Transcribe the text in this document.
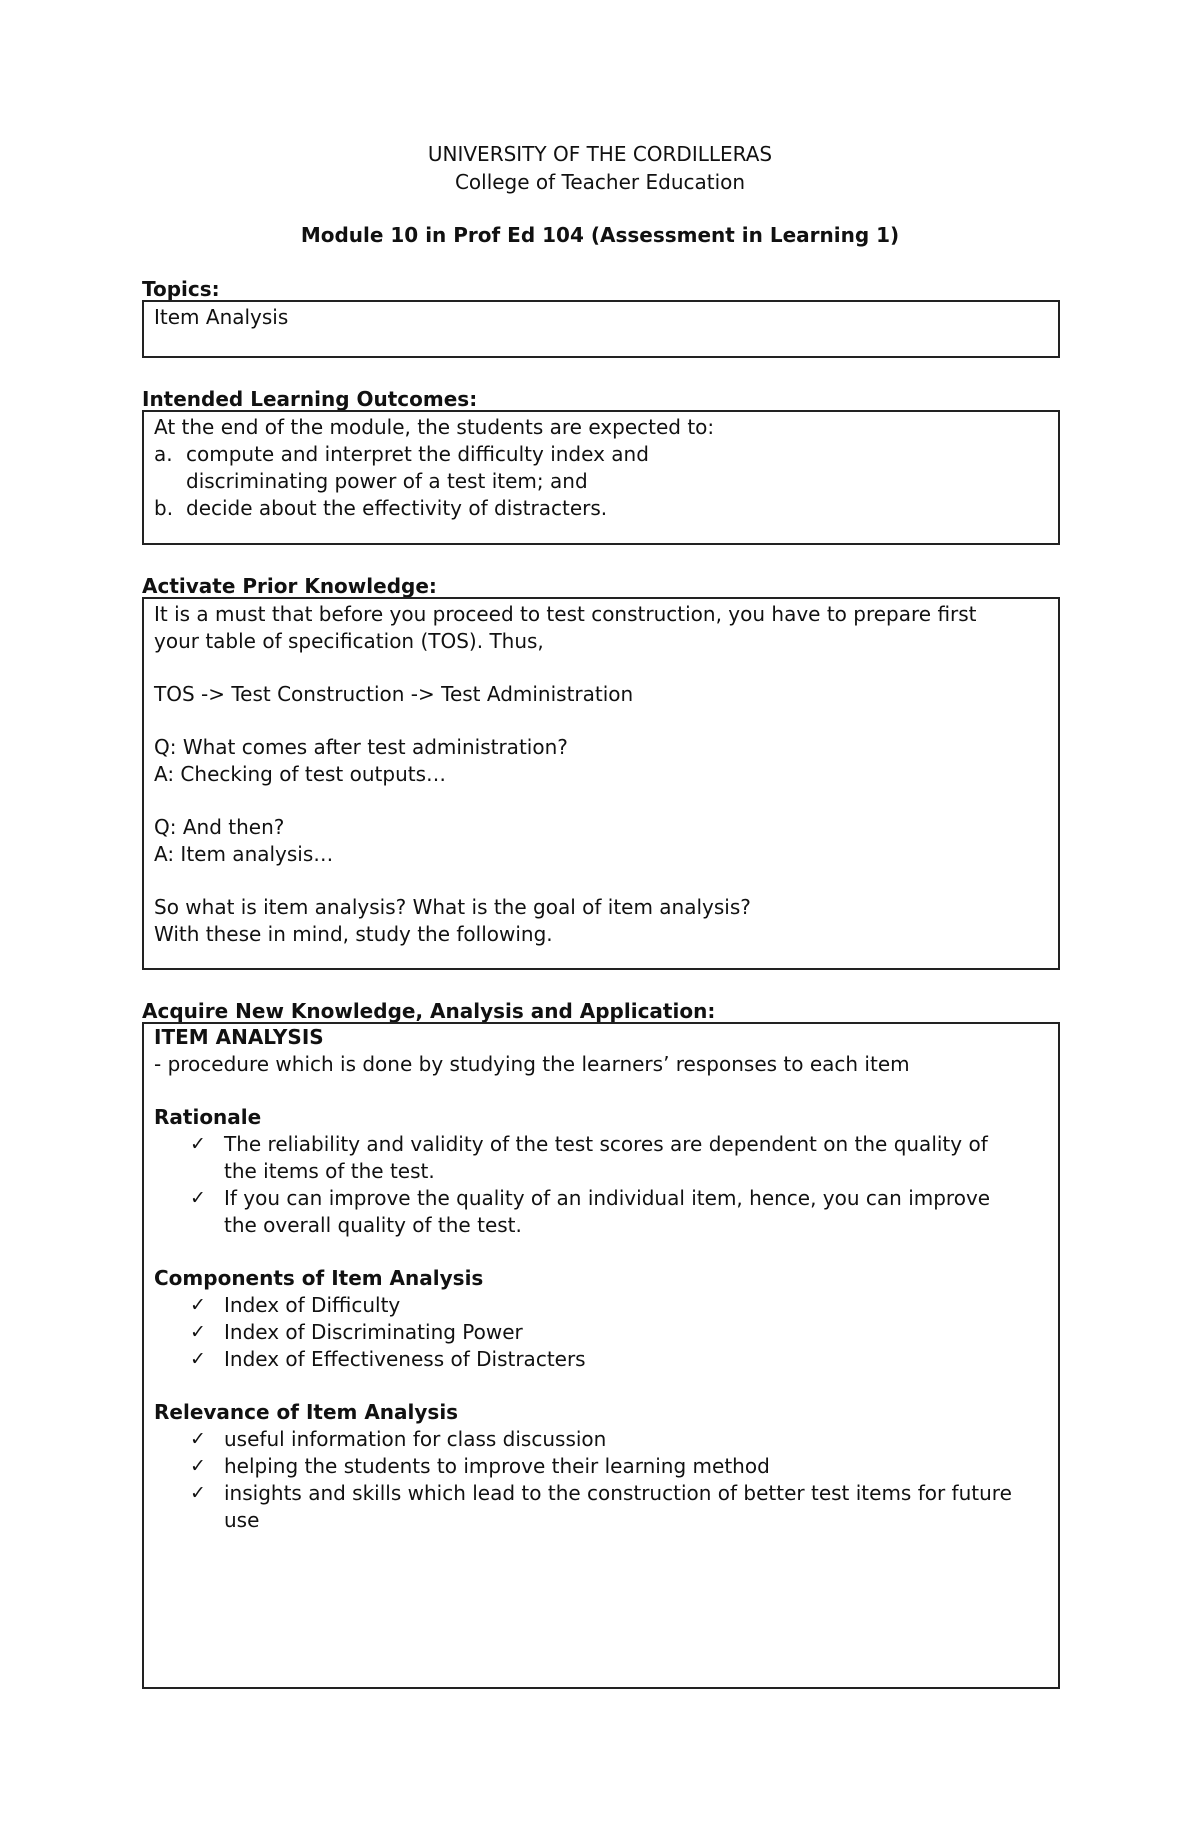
UNIVERSITY OF THE CORDILLERAS
College of Teacher Education
Module 10 in Prof Ed 104 (Assessment in Learning 1)
Topics:
Item Analysis
Intended Learning Outcomes:
At the end of the module, the students are expected to:
a. compute and interpret the difficulty index and
discriminating power of a test item; and
b. decide about the effectivity of distracters.
Activate Prior Knowledge:
It is a must that before you proceed to test construction, you have to prepare first
your table of specification (TOS). Thus,
TOS -> Test Construction -> Test Administration
Q: What comes after test administration?
A: Checking of test outputs…
Q: And then?
A: Item analysis…
So what is item analysis? What is the goal of item analysis?
With these in mind, study the following.
Acquire New Knowledge, Analysis and Application:
ITEM ANALYSIS
- procedure which is done by studying the learners’ responses to each item
Rationale
✓ The reliability and validity of the test scores are dependent on the quality of
the items of the test.
✓ If you can improve the quality of an individual item, hence, you can improve
the overall quality of the test.
Components of Item Analysis
✓ Index of Difficulty
✓ Index of Discriminating Power
✓ Index of Effectiveness of Distracters
Relevance of Item Analysis
✓ useful information for class discussion
✓ helping the students to improve their learning method
✓ insights and skills which lead to the construction of better test items for future
use
